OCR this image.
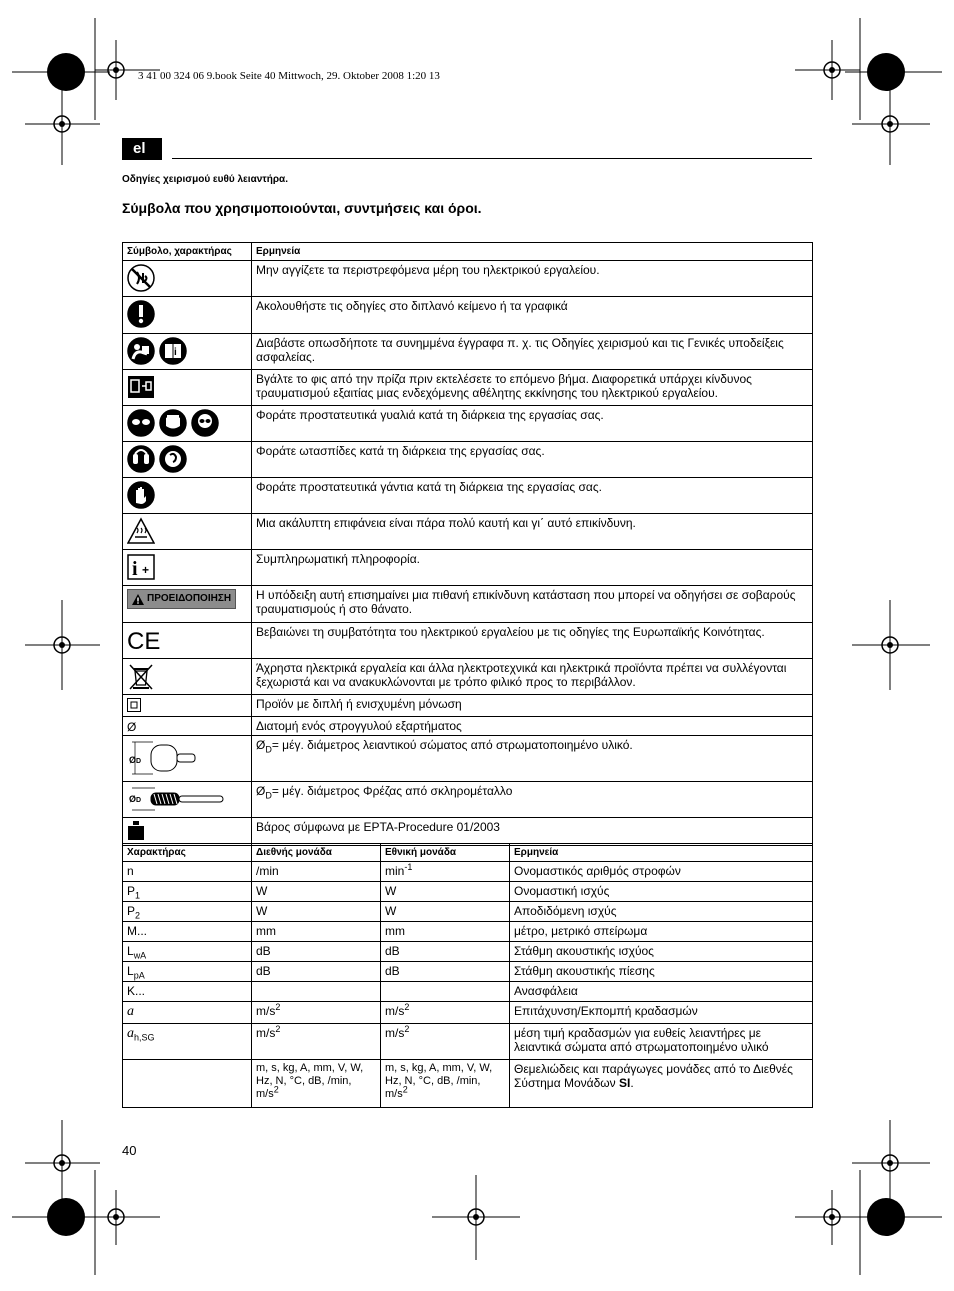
3 41 00 324 06 9.book Seite 40 Mittwoch, 29. Oktober 2008 1:20 13
el
Οδηγίες χειρισμού ευθύ λειαντήρα.
Σύμβολα που χρησιμοποιούνται, συντμήσεις και όροι.
Σύμβολο, χαρακτήρας	Ερμηνεία

	Μην αγγίζετε τα περιστρεφόμενα μέρη του ηλεκτρικού εργαλείου.

	Ακολουθήστε τις οδηγίες στο διπλανό κείμενο ή τα γραφικά

i	Διαβάστε οπωσδήποτε τα συνημμένα έγγραφα π. χ. τις Οδηγίες χειρισμού και τις Γενικές υποδείξεις ασφαλείας.

	Βγάλτε το φις από την πρίζα πριν εκτελέσετε το επόμενο βήμα. Διαφορετικά υπάρχει κίνδυνος τραυματισμού εξαιτίας μιας ενδεχόμενης αθέλητης εκκίνησης του ηλεκτρικού εργαλείου.

	Φοράτε προστατευτικά γυαλιά κατά τη διάρκεια της εργασίας σας.

	Φοράτε ωτασπίδες κατά τη διάρκεια της εργασίας σας.

	Φοράτε προστατευτικά γάντια κατά τη διάρκεια της εργασίας σας.

	Μια ακάλυπτη επιφάνεια είναι πάρα πολύ καυτή και γι΄ αυτό επικίνδυνη.

i +	Συμπληρωματική πληροφορία.

ΠΡΟΕΙΔΟΠΟΙΗΣΗ	Η υπόδειξη αυτή επισημαίνει μια πιθανή επικίνδυνη κατάσταση που μπορεί να οδηγήσει σε σοβαρούς τραυματισμούς ή στο θάνατο.

CE	Βεβαιώνει τη συμβατότητα του ηλεκτρικού εργαλείου με τις οδηγίες της Ευρωπαϊκής Κοινότητας.

	Άχρηστα ηλεκτρικά εργαλεία και άλλα ηλεκτροτεχνικά και ηλεκτρικά προϊόντα πρέπει να συλλέγονται ξεχωριστά και να ανακυκλώνονται με τρόπο φιλικό προς το περιβάλλον.

	Προϊόν με διπλή ή ενισχυμένη μόνωση

Ø	Διατομή ενός στρογγυλού εξαρτήματος

Ø D	$Ø_D= \mu έ\gamma$. διάμετρος λειαντικού σώματος από στρωματοποιημένο υλικό.

Ø D	$Ø_D= \mu έ\gamma$. διάμετρος Φρέζας από σκληρομέταλλο

	Βάρος σύμφωνα με EPTA-Procedure 01/2003
Χαρακτήρας	Διεθνής μονάδα	Εθνική μονάδα	Ερμηνεία
n	/min	$\min^{-1}$	Ονομαστικός αριθμός στροφών
$P_1$	W	W	Ονομαστική ισχύς
$P_2$	W	W	Αποδιδόμενη ισχύς
M...	mm	mm	μέτρο, μετρικό σπείρωμα
$L_{wA}$	dB	dB	Στάθμη ακουστικής ισχύος
$L_{pA}$	dB	dB	Στάθμη ακουστικής πίεσης
K...			Ανασφάλεια
a	$m/s^2$	$m/s^2$	Επιτάχυνση/Εκπομπή κραδασμών
$a_{h,SG}$	$m/s^2$	$m/s^2$	μέση τιμή κραδασμών για ευθείς λειαντήρες με λειαντικά σώματα από στρωματοποιημένο υλικό
	m, s, kg, A, mm, V, W, Hz, N, °C, dB, /min, $m/s^2$	m, s, kg, A, mm, V, W, Hz, N, °C, dB, /min, $m/s^2$	Θεμελιώδεις και παράγωγες μονάδες από το Διεθνές Σύστημα Μονάδων SI.
40
